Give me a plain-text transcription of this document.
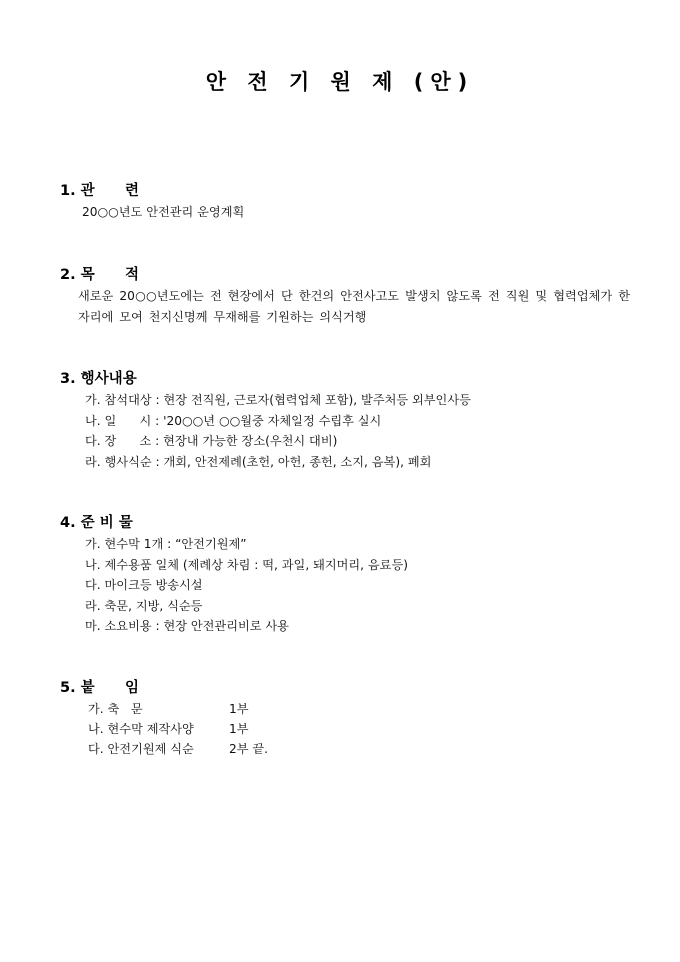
안 전 기 원 제 (안)
1. 관      련
20○○년도 안전관리 운영계획
2. 목      적
새로운 20○○년도에는 전 현장에서 단 한건의 안전사고도 발생치 않도록 전 직원 및 협력업체가 한자리에 모여 천지신명께 무재해를 기원하는 의식거행
3. 행사내용
가. 참석대상 : 현장 전직원, 근로자(협력업체 포함), 발주처등 외부인사등
나. 일      시 : '20○○년 ○○월중 자체일정 수립후 실시
다. 장      소 : 현장내 가능한 장소(우천시 대비)
라. 행사식순 : 개회, 안전제례(초헌, 아헌, 종헌, 소지, 음복), 폐회
4. 준 비 물
가. 현수막 1개 : “안전기원제”
나. 제수용품 일체 (제례상 차림 : 떡, 과일, 돼지머리, 음료등)
다. 마이크등 방송시설
라. 축문, 지방, 식순등
마. 소요비용 : 현장 안전관리비로 사용
5. 붙      임
가. 축   문	1부
나. 현수막 제작사양	1부
다. 안전기원제 식순	2부 끝.
